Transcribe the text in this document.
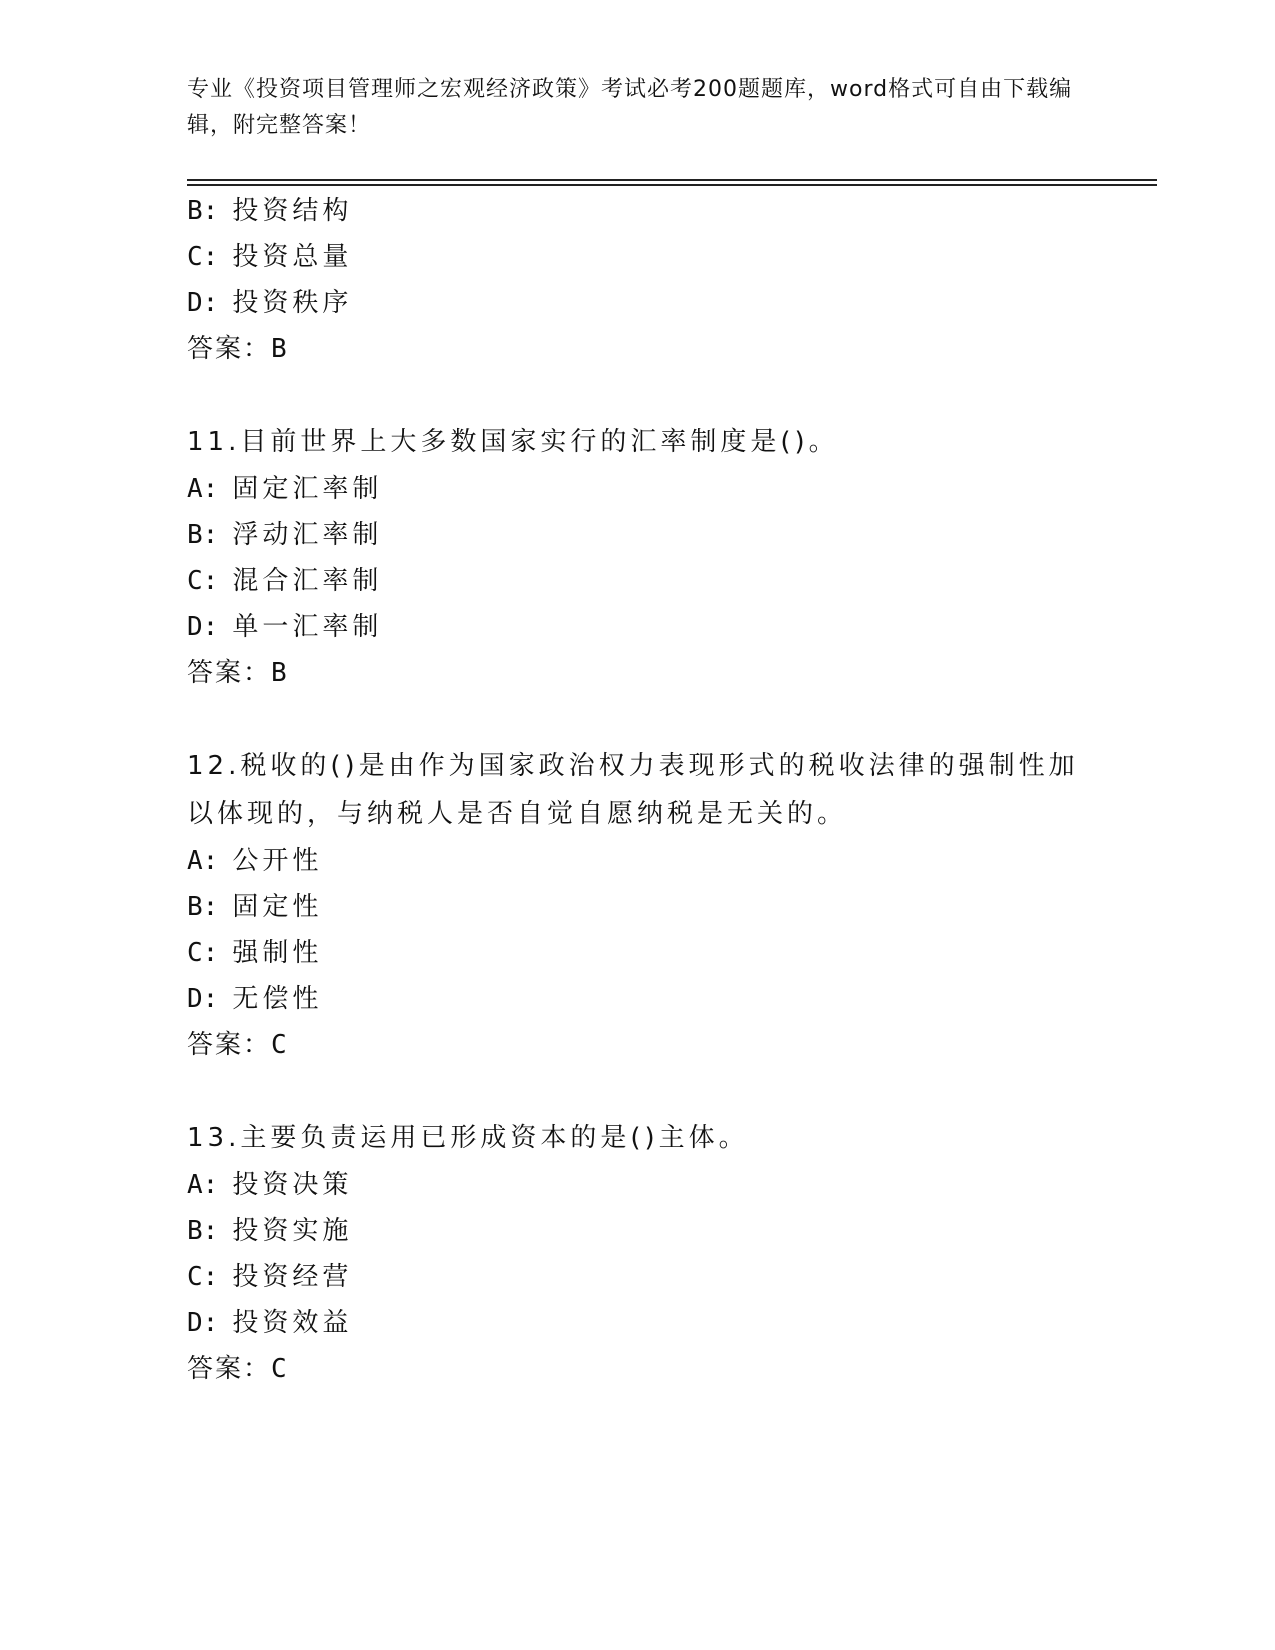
专业《投资项目管理师之宏观经济政策》考试必考200题题库，word格式可自由下载编辑，附完整答案！
B: 投资结构
C: 投资总量
D: 投资秩序
答案：B
11.目前世界上大多数国家实行的汇率制度是()。
A: 固定汇率制
B: 浮动汇率制
C: 混合汇率制
D: 单一汇率制
答案：B
12.税收的()是由作为国家政治权力表现形式的税收法律的强制性加以体现的，与纳税人是否自觉自愿纳税是无关的。
A: 公开性
B: 固定性
C: 强制性
D: 无偿性
答案：C
13.主要负责运用已形成资本的是()主体。
A: 投资决策
B: 投资实施
C: 投资经营
D: 投资效益
答案：C
